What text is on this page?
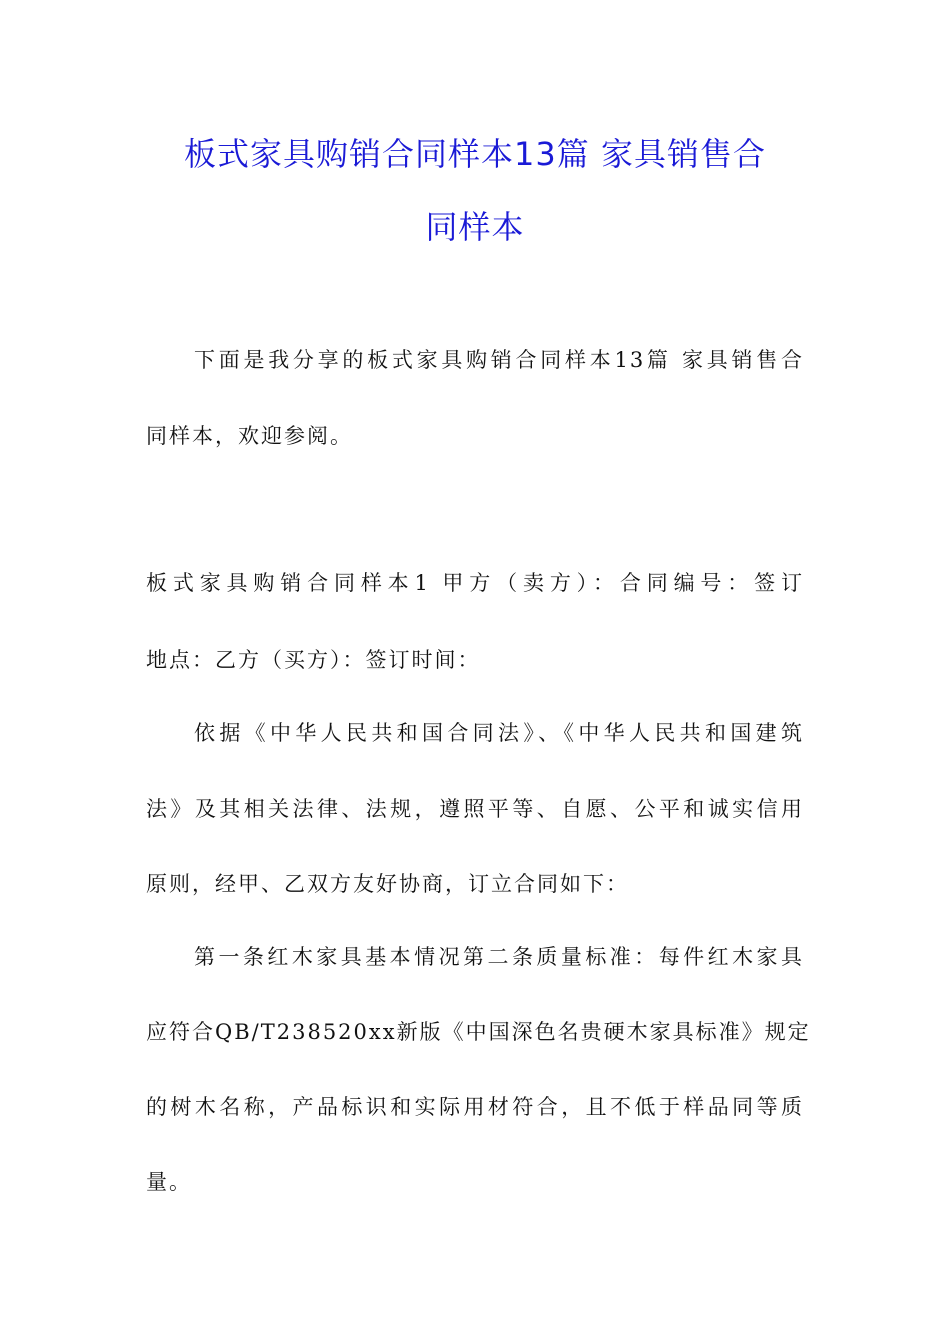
板式家具购销合同样本13篇 家具销售合
同样本
下面是我分享的板式家具购销合同样本13篇 家具销售合
同样本，欢迎参阅。
板式家具购销合同样本1 甲方（卖方）：合同编号：签订
地点：乙方（买方）：签订时间：
依据《中华人民共和国合同法》、《中华人民共和国建筑
法》及其相关法律、法规，遵照平等、自愿、公平和诚实信用
原则，经甲、乙双方友好协商，订立合同如下：
第一条红木家具基本情况第二条质量标准：每件红木家具
应符合QB/T238520xx新版《中国深色名贵硬木家具标准》规定
的树木名称，产品标识和实际用材符合，且不低于样品同等质
量。
